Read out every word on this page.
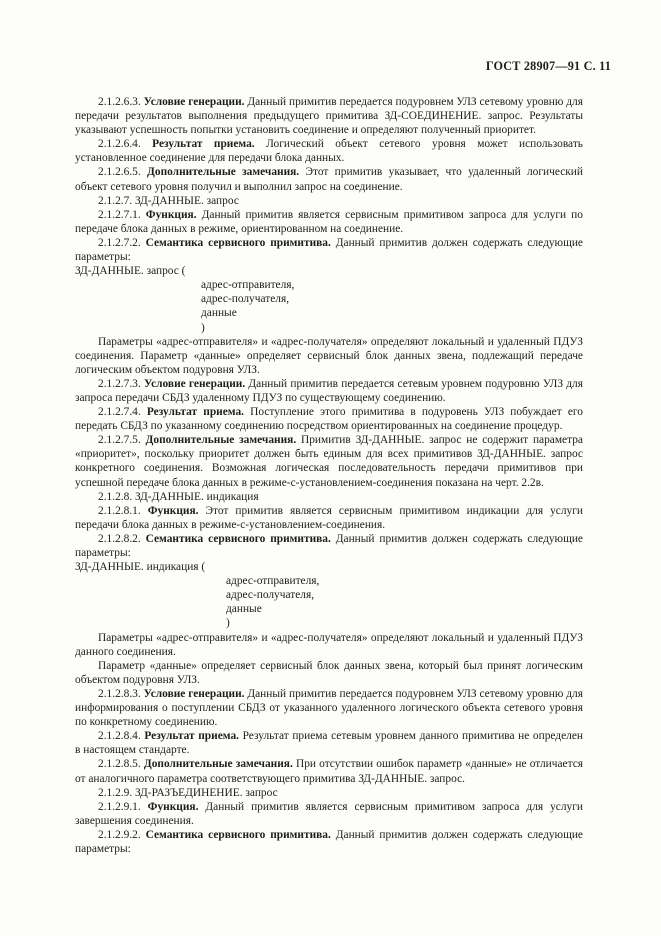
ГОСТ 28907—91 С. 11

2.1.2.6.3. Условие генерации. Данный примитив передается подуровнем УЛЗ сетевому уровню для передачи результатов выполнения предыдущего примитива ЗД-СОЕДИНЕНИЕ. запрос. Результаты указывают успешность попытки установить соединение и определяют полученный приоритет.

2.1.2.6.4. Результат приема. Логический объект сетевого уровня может использовать установленное соединение для передачи блока данных.

2.1.2.6.5. Дополнительные замечания. Этот примитив указывает, что удаленный логический объект сетевого уровня получил и выполнил запрос на соединение.

2.1.2.7. ЗД-ДАННЫЕ. запрос

2.1.2.7.1. Функция. Данный примитив является сервисным примитивом запроса для услуги по передаче блока данных в режиме, ориентированном на соединение.

2.1.2.7.2. Семантика сервисного примитива. Данный примитив должен содержать следующие параметры:

ЗД-ДАННЫЕ. запрос (

адрес-отправителя,

адрес-получателя,

данные

)

Параметры «адрес-отправителя» и «адрес-получателя» определяют локальный и удаленный ПДУЗ соединения. Параметр «данные» определяет сервисный блок данных звена, подлежащий передаче логическим объектом подуровня УЛЗ.

2.1.2.7.3. Условие генерации. Данный примитив передается сетевым уровнем подуровню УЛЗ для запроса передачи СБДЗ удаленному ПДУЗ по существующему соединению.

2.1.2.7.4. Результат приема. Поступление этого примитива в подуровень УЛЗ побуждает его передать СБДЗ по указанному соединению посредством ориентированных на соединение процедур.

2.1.2.7.5. Дополнительные замечания. Примитив ЗД-ДАННЫЕ. запрос не содержит параметра «приоритет», поскольку приоритет должен быть единым для всех примитивов ЗД-ДАННЫЕ. запрос конкретного соединения. Возможная логическая последовательность передачи примитивов при успешной передаче блока данных в режиме-с-установлением-соединения показана на черт. 2.2в.

2.1.2.8. ЗД-ДАННЫЕ. индикация

2.1.2.8.1. Функция. Этот примитив является сервисным примитивом индикации для услуги передачи блока данных в режиме-с-установлением-соединения.

2.1.2.8.2. Семантика сервисного примитива. Данный примитив должен содержать следующие параметры:

ЗД-ДАННЫЕ. индикация (

адрес-отправителя,

адрес-получателя,

данные

)

Параметры «адрес-отправителя» и «адрес-получателя» определяют локальный и удаленный ПДУЗ данного соединения.

Параметр «данные» определяет сервисный блок данных звена, который был принят логическим объектом подуровня УЛЗ.

2.1.2.8.3. Условие генерации. Данный примитив передается подуровнем УЛЗ сетевому уровню для информирования о поступлении СБДЗ от указанного удаленного логического объекта сетевого уровня по конкретному соединению.

2.1.2.8.4. Результат приема. Результат приема сетевым уровнем данного примитива не определен в настоящем стандарте.

2.1.2.8.5. Дополнительные замечания. При отсутствии ошибок параметр «данные» не отличается от аналогичного параметра соответствующего примитива ЗД-ДАННЫЕ. запрос.

2.1.2.9. ЗД-РАЗЪЕДИНЕНИЕ. запрос

2.1.2.9.1. Функция. Данный примитив является сервисным примитивом запроса для услуги завершения соединения.

2.1.2.9.2. Семантика сервисного примитива. Данный примитив должен содержать следующие параметры:
